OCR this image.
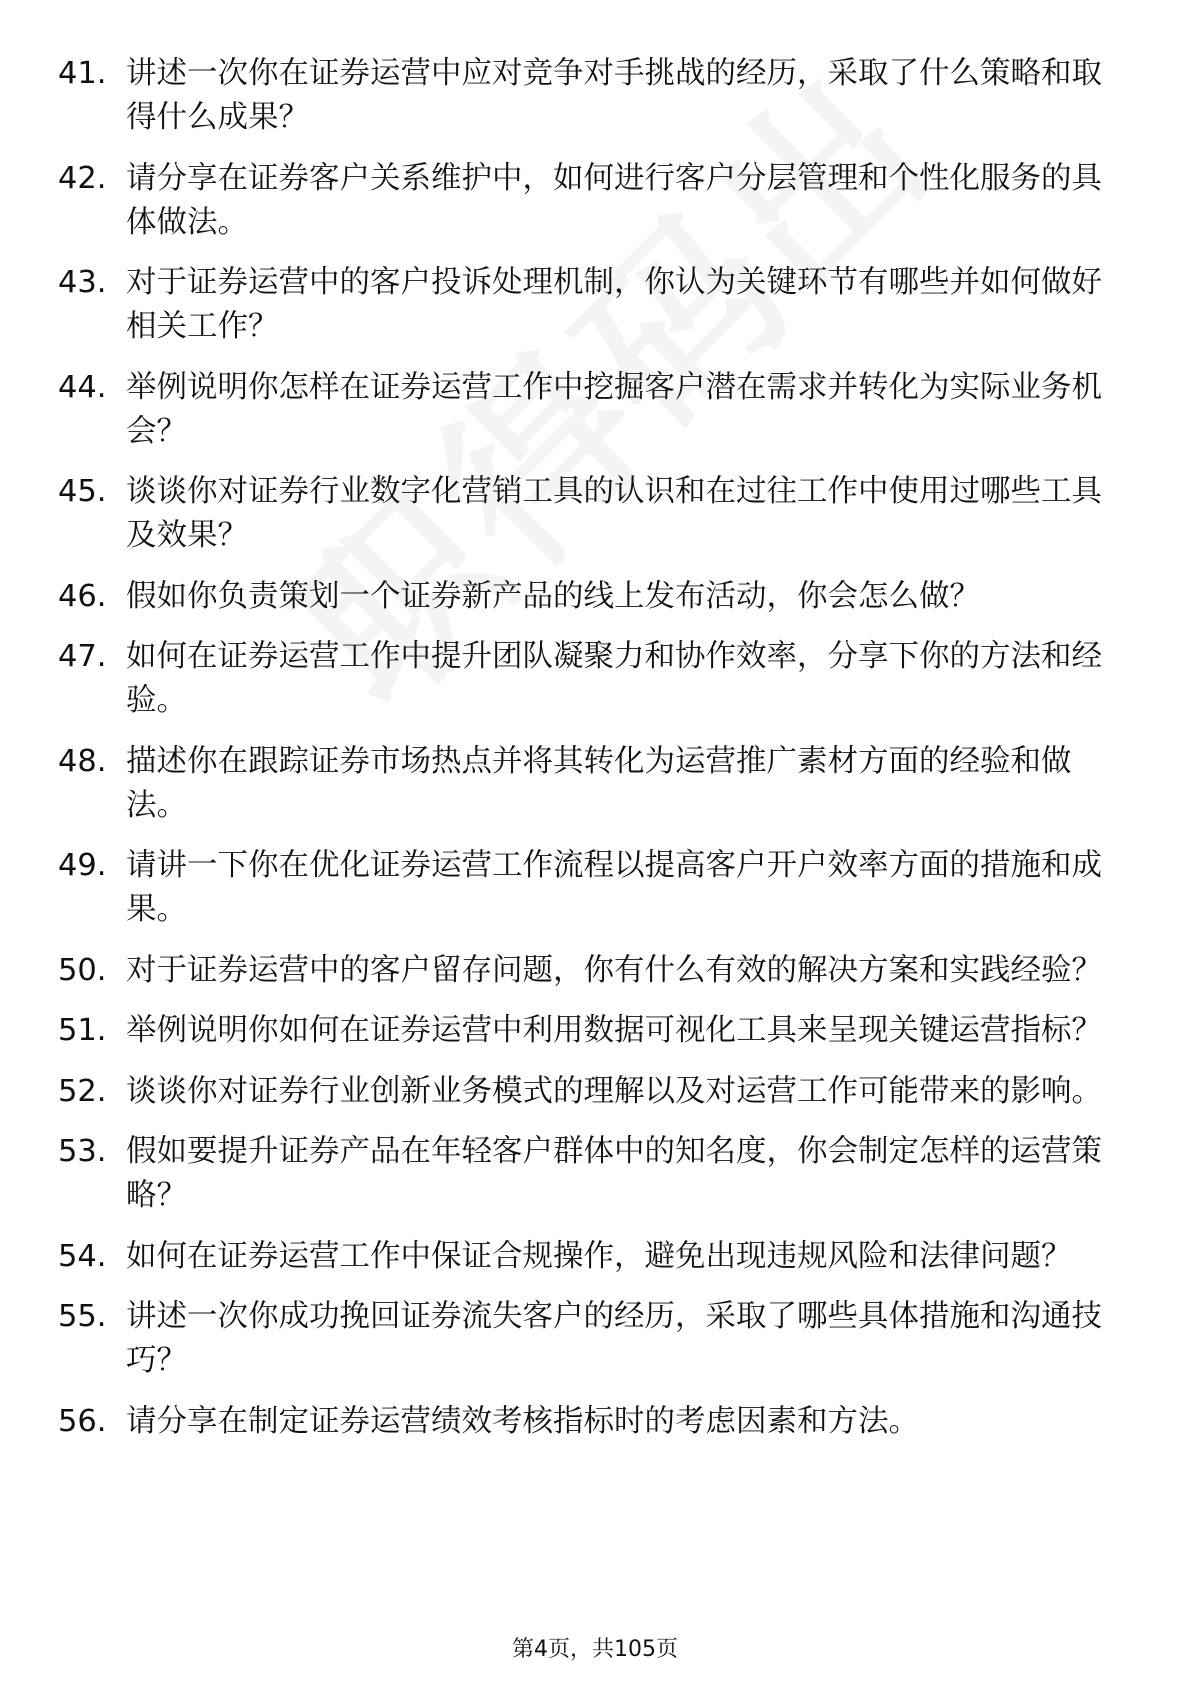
41. 讲述一次你在证券运营中应对竞争对手挑战的经历，采取了什么策略和取得什么成果？
42. 请分享在证券客户关系维护中，如何进行客户分层管理和个性化服务的具体做法。
43. 对于证券运营中的客户投诉处理机制，你认为关键环节有哪些并如何做好相关工作？
44. 举例说明你怎样在证券运营工作中挖掘客户潜在需求并转化为实际业务机会？
45. 谈谈你对证券行业数字化营销工具的认识和在过往工作中使用过哪些工具及效果？
46. 假如你负责策划一个证券新产品的线上发布活动，你会怎么做？
47. 如何在证券运营工作中提升团队凝聚力和协作效率，分享下你的方法和经验。
48. 描述你在跟踪证券市场热点并将其转化为运营推广素材方面的经验和做法。
49. 请讲一下你在优化证券运营工作流程以提高客户开户效率方面的措施和成果。
50. 对于证券运营中的客户留存问题，你有什么有效的解决方案和实践经验？
51. 举例说明你如何在证券运营中利用数据可视化工具来呈现关键运营指标？
52. 谈谈你对证券行业创新业务模式的理解以及对运营工作可能带来的影响。
53. 假如要提升证券产品在年轻客户群体中的知名度，你会制定怎样的运营策略？
54. 如何在证券运营工作中保证合规操作，避免出现违规风险和法律问题？
55. 讲述一次你成功挽回证券流失客户的经历，采取了哪些具体措施和沟通技巧？
56. 请分享在制定证券运营绩效考核指标时的考虑因素和方法。
第4页，共105页
